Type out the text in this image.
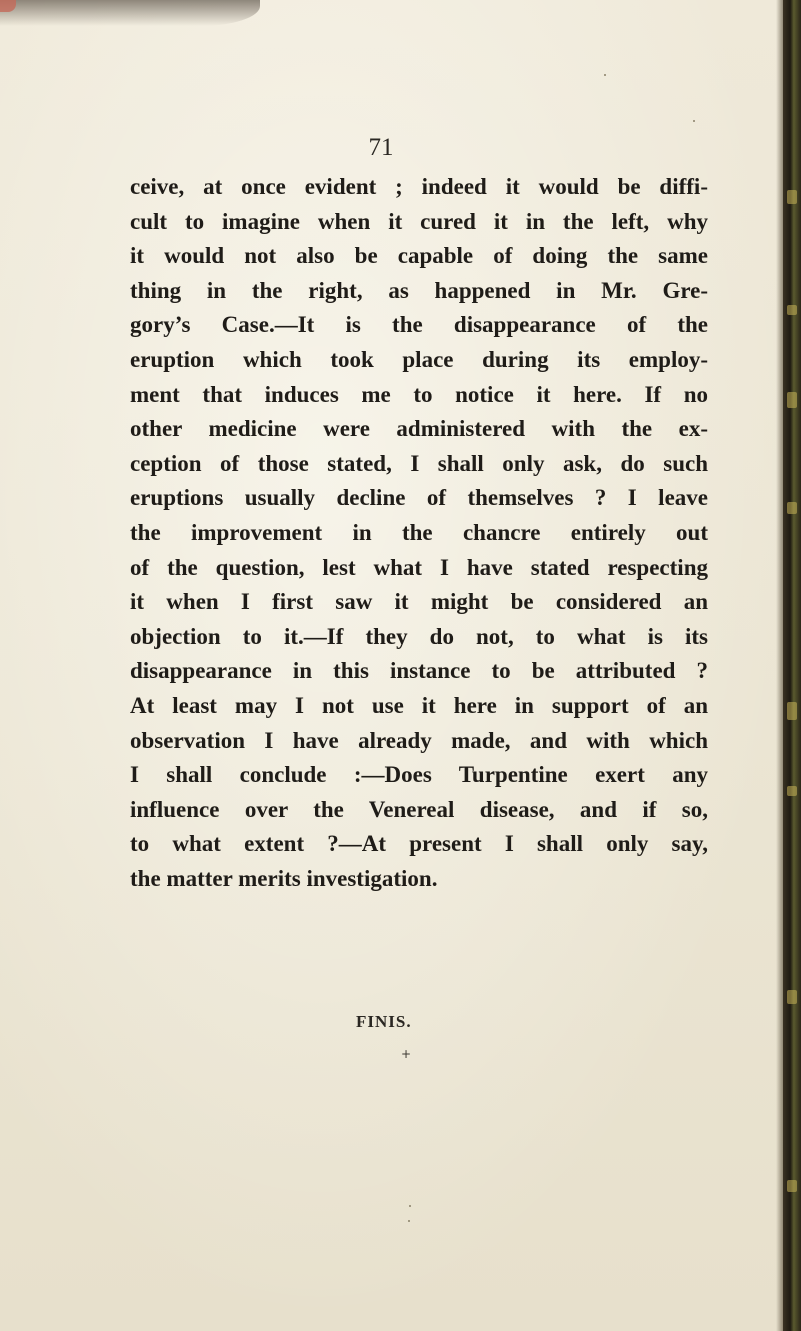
71
ceive, at once evident ; indeed it would be diffi-
cult to imagine when it cured it in the left, why
it would not also be capable of doing the same
thing in the right, as happened in Mr. Gre-
gory’s Case.—It is the disappearance of the
eruption which took place during its employ-
ment that induces me to notice it here. If no
other medicine were administered with the ex-
ception of those stated, I shall only ask, do such
eruptions usually decline of themselves ? I leave
the improvement in the chancre entirely out
of the question, lest what I have stated respecting
it when I first saw it might be considered an
objection to it.—If they do not, to what is its
disappearance in this instance to be attributed ?
At least may I not use it here in support of an
observation I have already made, and with which
I shall conclude :—Does Turpentine exert any
influence over the Venereal disease, and if so,
to what extent ?—At present I shall only say,
the matter merits investigation.
FINIS.
+
